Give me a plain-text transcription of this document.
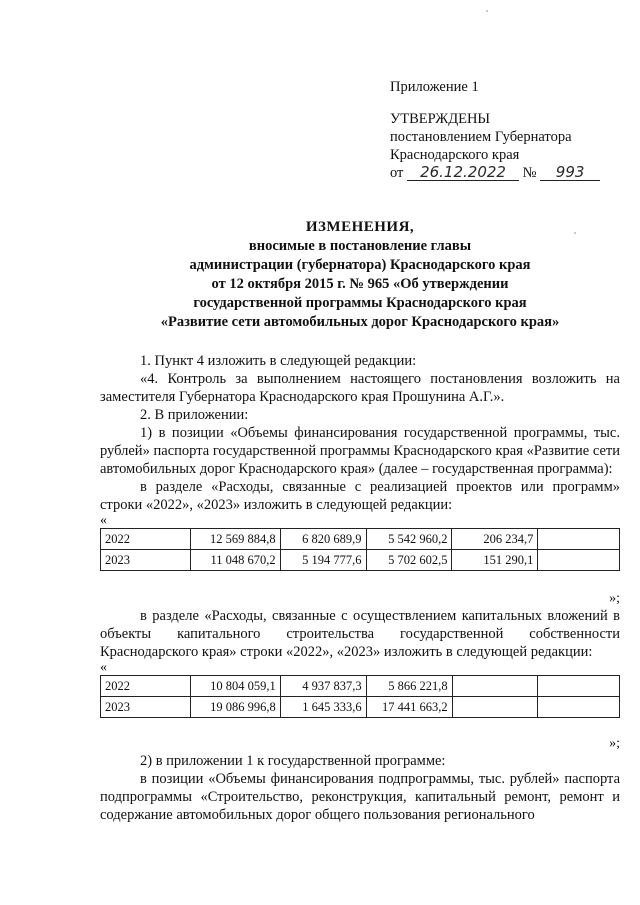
Приложение 1
УТВЕРЖДЕНЫ
постановлением Губернатора
Краснодарского края
от 26.12.2022 № 993
ИЗМЕНЕНИЯ,
вносимые в постановление главы
администрации (губернатора) Краснодарского края
от 12 октября 2015 г. № 965 «Об утверждении
государственной программы Краснодарского края
«Развитие сети автомобильных дорог Краснодарского края»

1. Пункт 4 изложить в следующей редакции:

«4. Контроль за выполнением настоящего постановления возложить на заместителя Губернатора Краснодарского края Прошунина А.Г.».

2. В приложении:

1) в позиции «Объемы финансирования государственной программы, тыс. рублей» паспорта государственной программы Краснодарского края «Развитие сети автомобильных дорог Краснодарского края» (далее – государственная программа):

в разделе «Расходы, связанные с реализацией проектов или программ» строки «2022», «2023» изложить в следующей редакции:

«

2022	12 569 884,8	6 820 689,9	5 542 960,2	206 234,7	
2023	11 048 670,2	5 194 777,6	5 702 602,5	151 290,1	

»;

в разделе «Расходы, связанные с осуществлением капитальных вложений в объекты капитального строительства государственной собственности Краснодарского края» строки «2022», «2023» изложить в следующей редакции:

«

2022	10 804 059,1	4 937 837,3	5 866 221,8		
2023	19 086 996,8	1 645 333,6	17 441 663,2		

»;

2) в приложении 1 к государственной программе:

в позиции «Объемы финансирования подпрограммы, тыс. рублей» паспорта подпрограммы «Строительство, реконструкция, капитальный ремонт, ремонт и содержание автомобильных дорог общего пользования регионального
